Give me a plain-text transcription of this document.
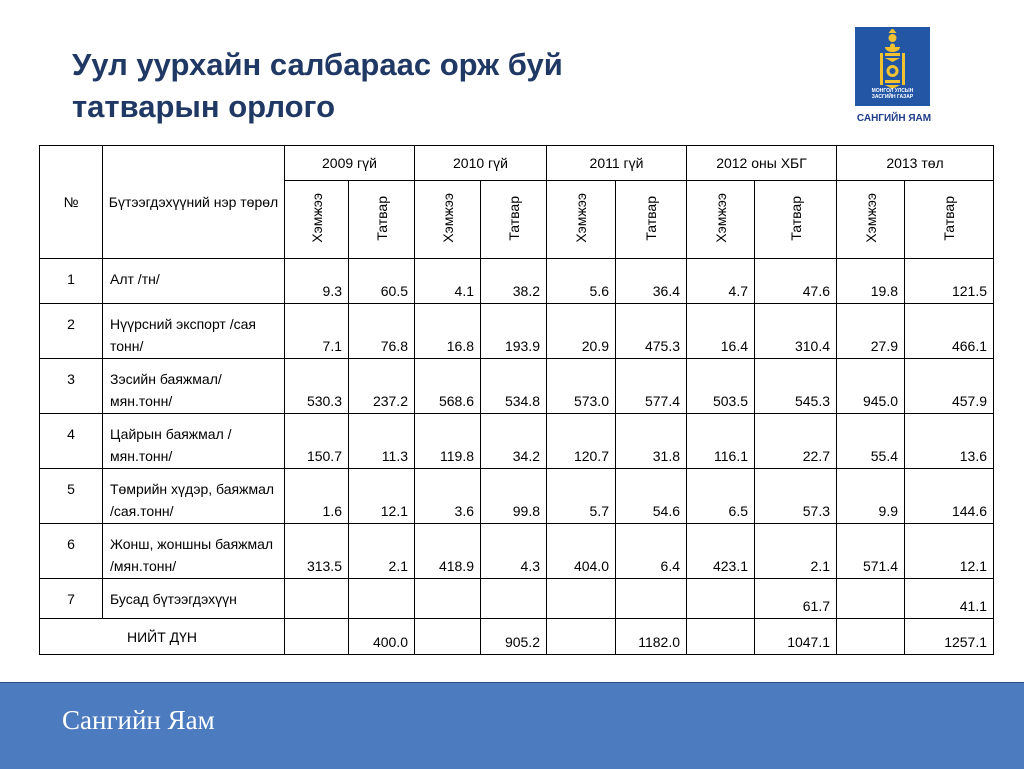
Уул уурхайн салбараас орж буй
татварын орлого	МОНГОЛ УЛСЫН
ЗАСГИЙН ГАЗАР
САНГИЙН ЯАМ
№	Бүтээгдэхүүний нэр төрөл	2009 гүй		2010 гүй		2011 гүй		2012 оны ХБГ		2013 төл	
		Хэмжээ	Татвар	Хэмжээ	Татвар	Хэмжээ	Татвар	Хэмжээ	Татвар	Хэмжээ	Татвар
1	Алт /тн/	9.3	60.5	4.1	38.2	5.6	36.4	4.7	47.6	19.8	121.5
2	Нүүрсний экспорт /сая тонн/	7.1	76.8	16.8	193.9	20.9	475.3	16.4	310.4	27.9	466.1
3	Зэсийн баяжмал/мян.тонн/	530.3	237.2	568.6	534.8	573.0	577.4	503.5	545.3	945.0	457.9
4	Цайрын баяжмал /мян.тонн/	150.7	11.3	119.8	34.2	120.7	31.8	116.1	22.7	55.4	13.6
5	Төмрийн хүдэр, баяжмал /сая.тонн/	1.6	12.1	3.6	99.8	5.7	54.6	6.5	57.3	9.9	144.6
6	Жонш, жоншны баяжмал /мян.тонн/	313.5	2.1	418.9	4.3	404.0	6.4	423.1	2.1	571.4	12.1
7	Бусад бүтээгдэхүүн								61.7		41.1
НИЙТ ДҮН			400.0		905.2		1182.0		1047.1		1257.1
Сангийн Яам
